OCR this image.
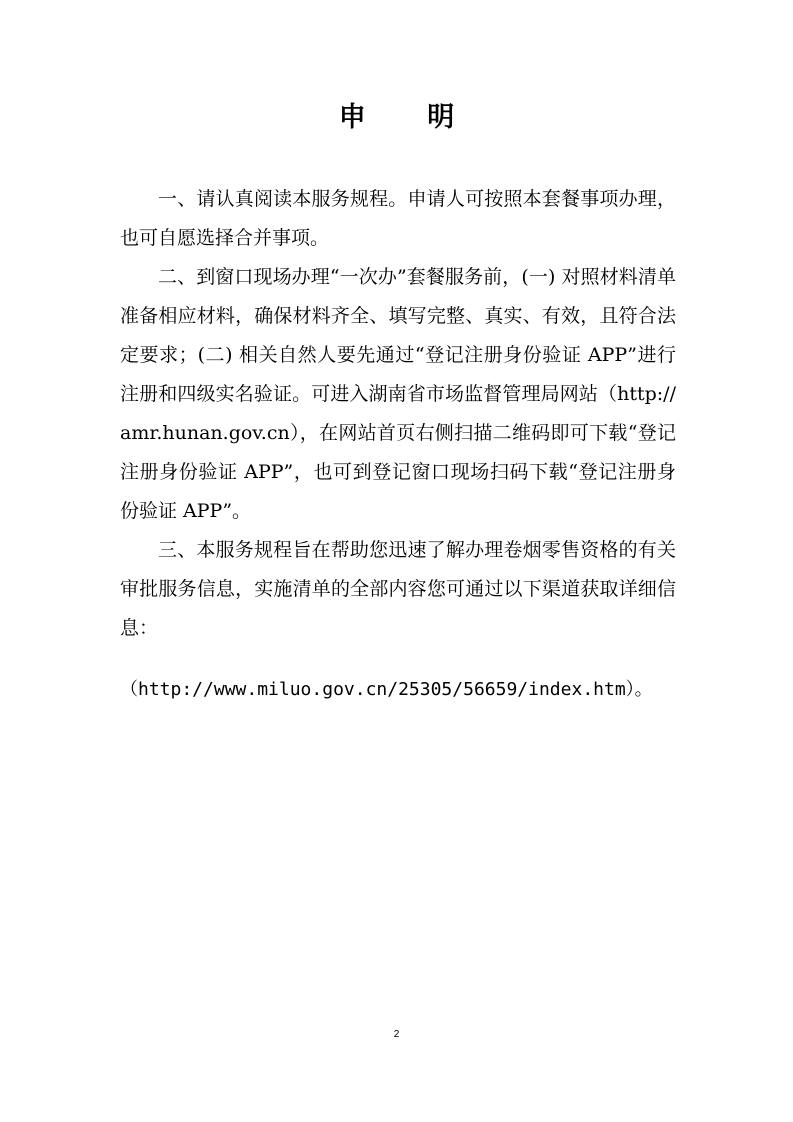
申 明

一、请认真阅读本服务规程。申请人可按照本套餐事项办理，也可自愿选择合并事项。

二、到窗口现场办理“一次办”套餐服务前，(一) 对照材料清单准备相应材料，确保材料齐全、填写完整、真实、有效，且符合法定要求；(二) 相关自然人要先通过“登记注册身份验证 APP”进行注册和四级实名验证。可进入湖南省市场监督管理局网站（http://amr.hunan.gov.cn），在网站首页右侧扫描二维码即可下载“登记注册身份验证 APP”，也可到登记窗口现场扫码下载“登记注册身份验证 APP”。

三、本服务规程旨在帮助您迅速了解办理卷烟零售资格的有关审批服务信息，实施清单的全部内容您可通过以下渠道获取详细信息：

（http://www.miluo.gov.cn/25305/56659/index.htm）。
2
